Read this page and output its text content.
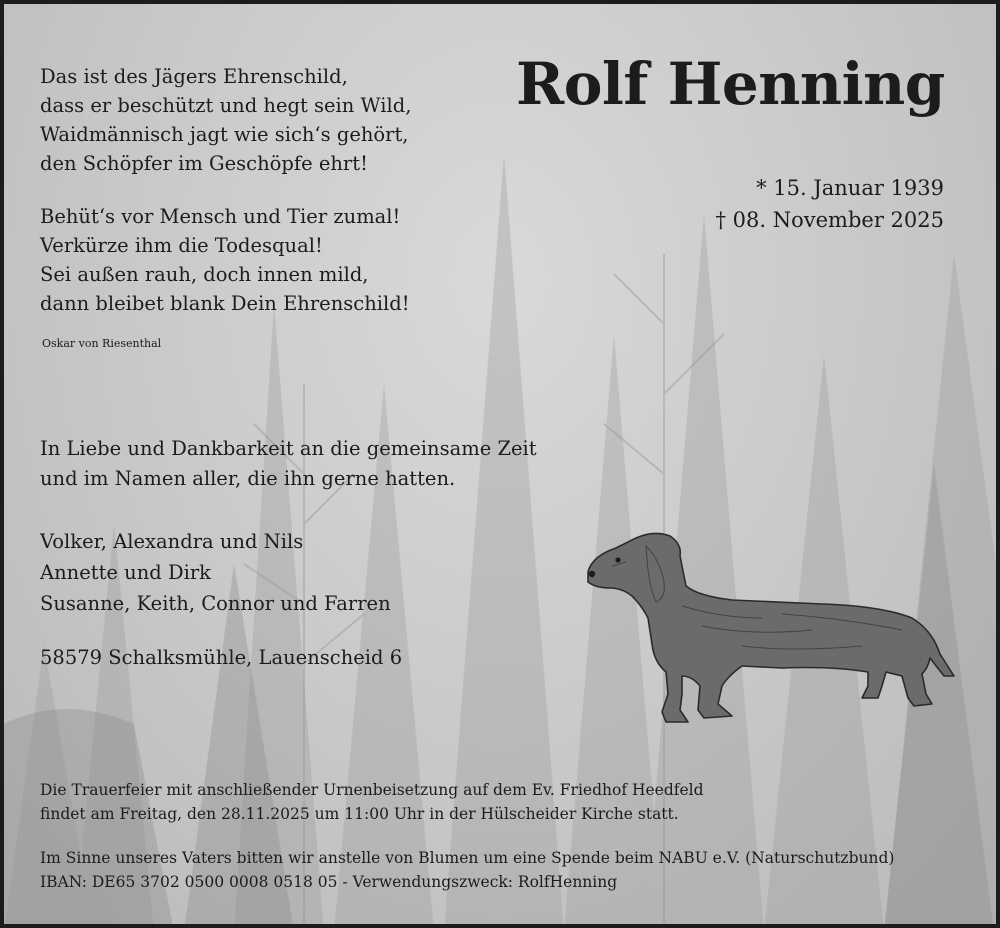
Das ist des Jägers Ehrenschild,
dass er beschützt und hegt sein Wild,
Waidmännisch jagt wie sich‘s gehört,
den Schöpfer im Geschöpfe ehrt!
Behüt‘s vor Mensch und Tier zumal!
Verkürze ihm die Todesqual!
Sei außen rauh, doch innen mild,
dann bleibet blank Dein Ehrenschild!
Oskar von Riesenthal
Rolf Henning
* 15. Januar 1939
† 08. November 2025
In Liebe und Dankbarkeit an die gemeinsame Zeit
und im Namen aller, die ihn gerne hatten.
Volker, Alexandra und Nils
Annette und Dirk
Susanne, Keith, Connor und Farren
58579 Schalksmühle, Lauenscheid 6
Die Trauerfeier mit anschließender Urnenbeisetzung auf dem Ev. Friedhof Heedfeld
findet am Freitag, den 28.11.2025 um 11:00 Uhr in der Hülscheider Kirche statt.
Im Sinne unseres Vaters bitten wir anstelle von Blumen um eine Spende beim NABU e.V. (Naturschutzbund)
IBAN: DE65 3702 0500 0008 0518 05 - Verwendungszweck: RolfHenning
